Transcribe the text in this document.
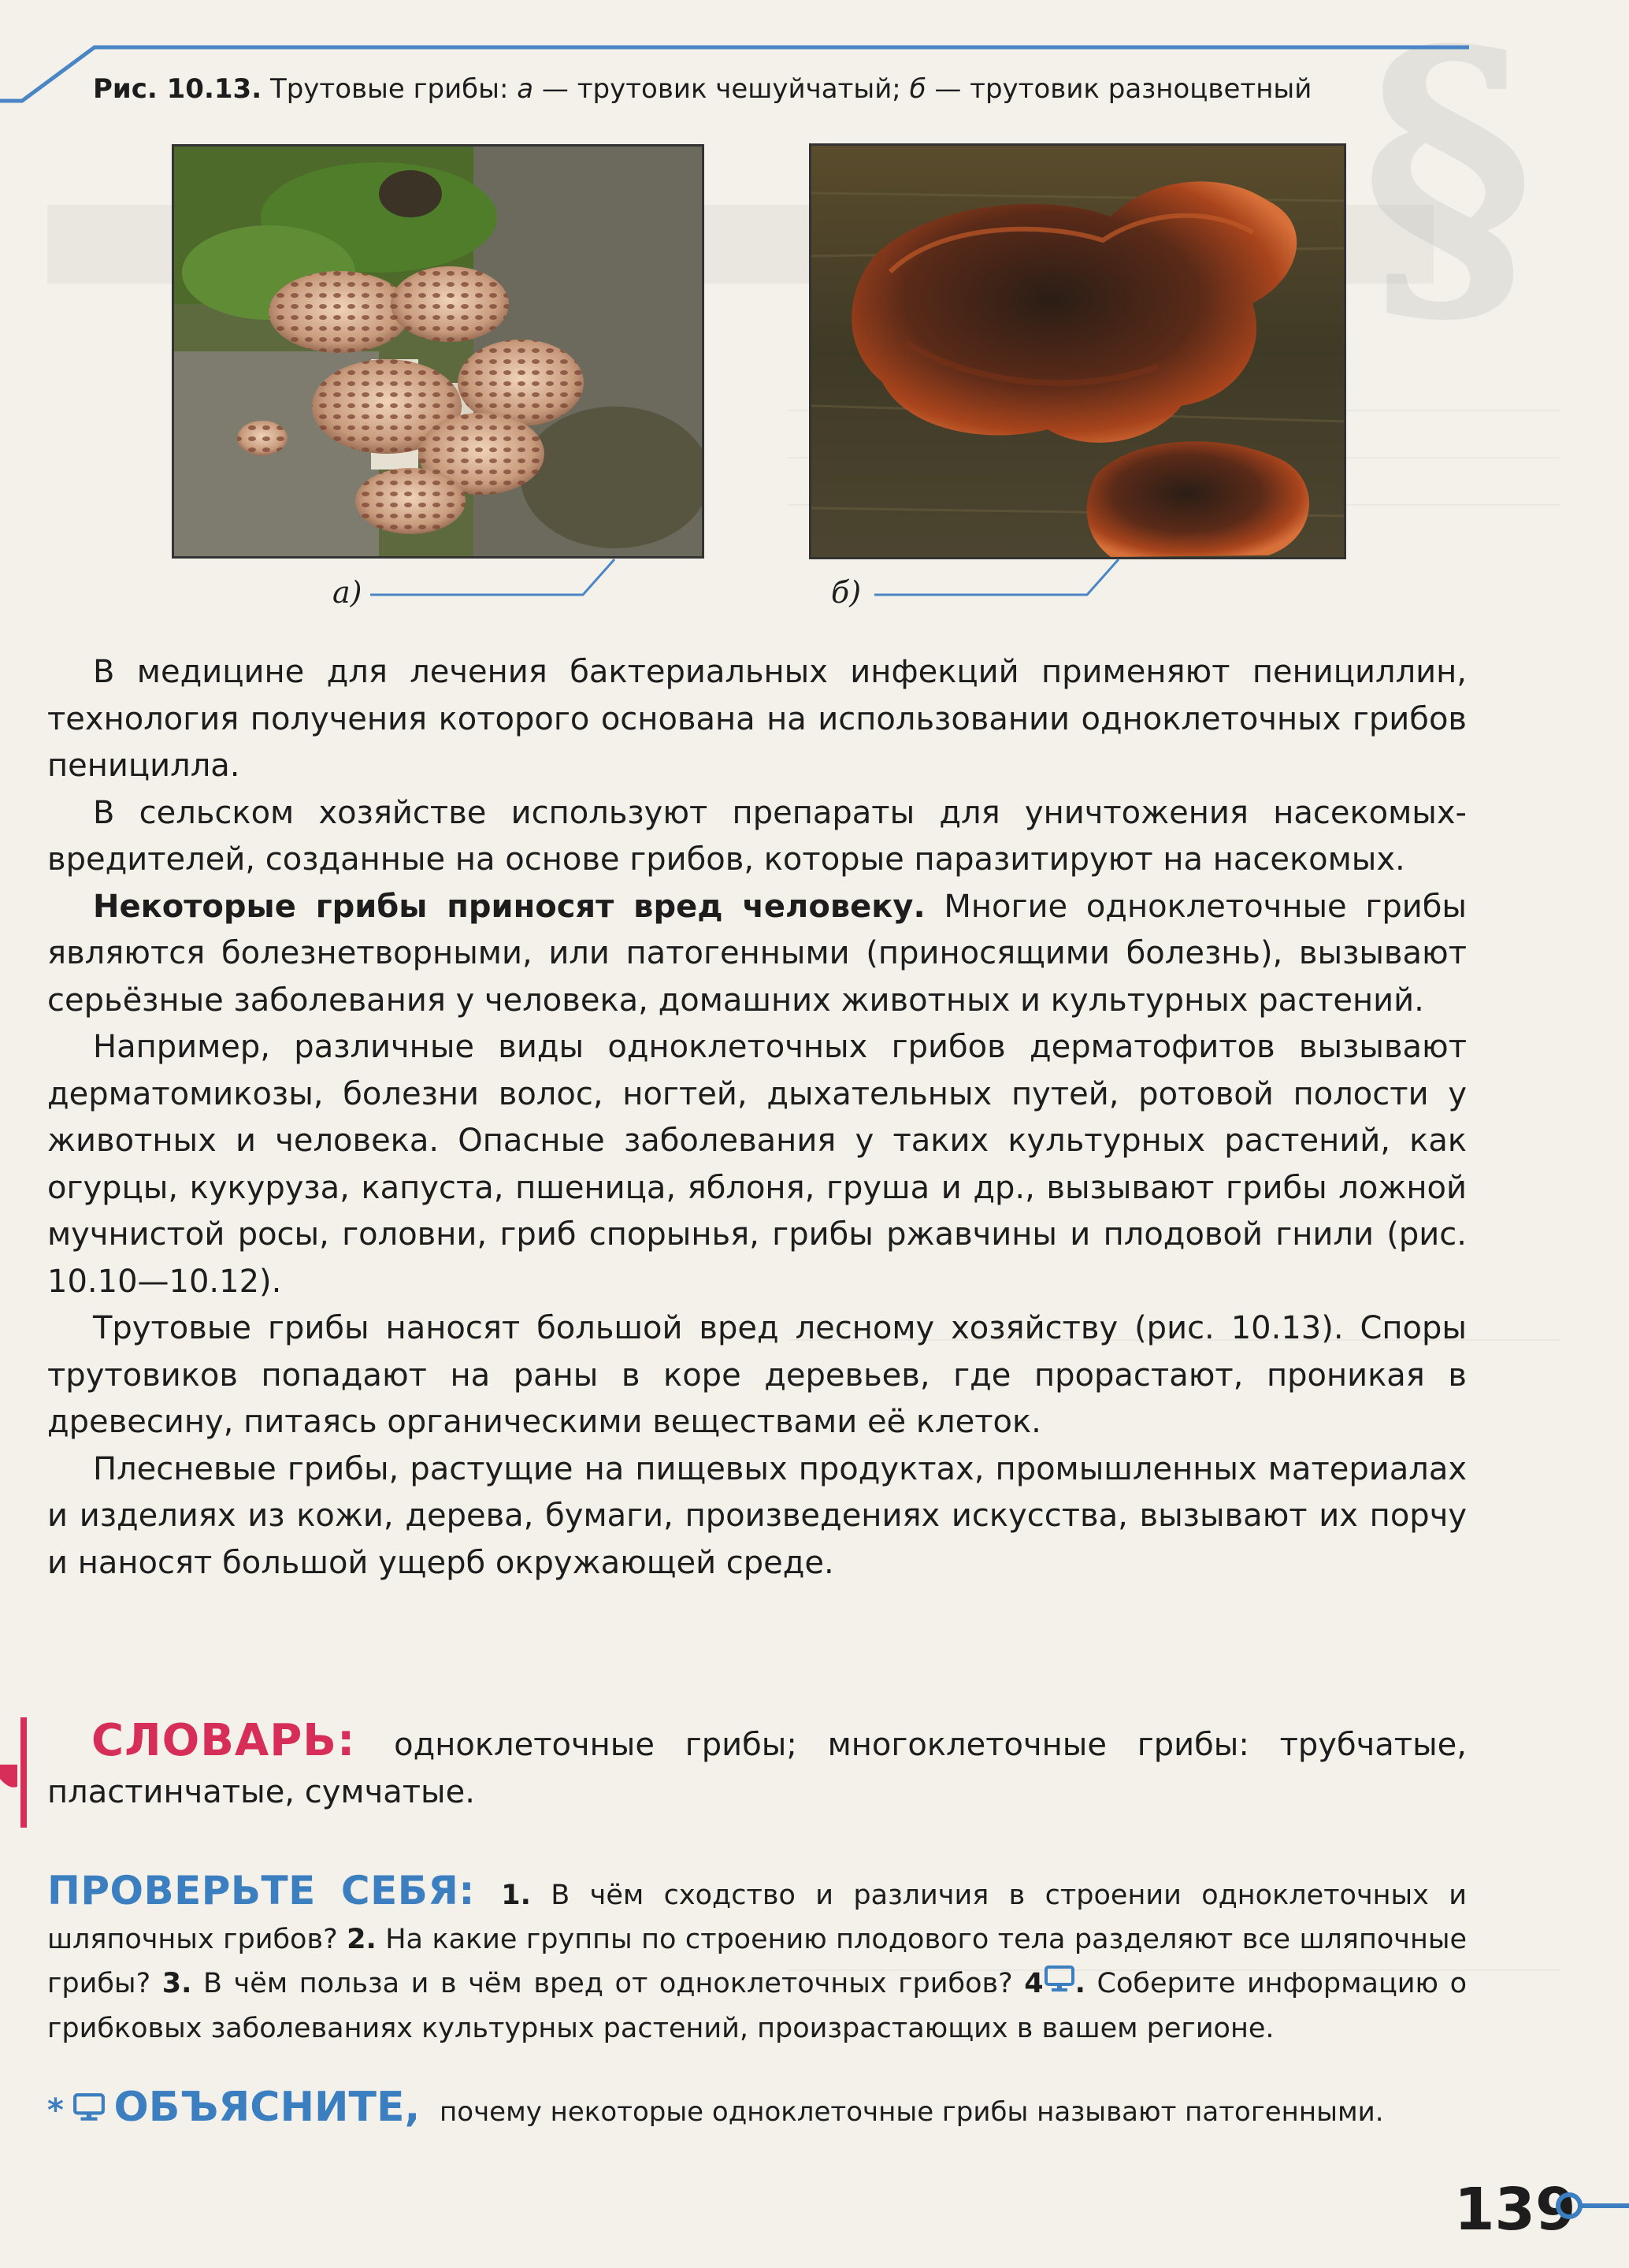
§
Рис. 10.13. Трутовые грибы: а — трутовик чешуйчатый; б — трутовик разноцветный
а)	б)

В медицине для лечения бактериальных инфекций применяют пенициллин, технология получения которого основана на использовании одноклеточных грибов пеницилла.

В сельском хозяйстве используют препараты для уничтожения насекомых-вредителей, созданные на основе грибов, которые паразитируют на насекомых.

Некоторые грибы приносят вред человеку. Многие одноклеточные грибы являются болезнетворными, или патогенными (приносящими болезнь), вызывают серьёзные заболевания у человека, домашних животных и культурных растений.

Например, различные виды одноклеточных грибов дерматофитов вызывают дерматомикозы, болезни волос, ногтей, дыхательных путей, ротовой полости у животных и человека. Опасные заболевания у таких культурных растений, как огурцы, кукуруза, капуста, пшеница, яблоня, груша и др., вызывают грибы ложной мучнистой росы, головни, гриб спорынья, грибы ржавчины и плодовой гнили (рис. 10.10—10.12).

Трутовые грибы наносят большой вред лесному хозяйству (рис. 10.13). Споры трутовиков попадают на раны в коре деревьев, где прорастают, проникая в древесину, питаясь органическими веществами её клеток.

Плесневые грибы, растущие на пищевых продуктах, промышленных материалах и изделиях из кожи, дерева, бумаги, произведениях искусства, вызывают их порчу и наносят большой ущерб окружающей среде.

СЛОВАРЬ: одноклеточные грибы; многоклеточные грибы: трубчатые, пластинчатые, сумчатые.
ПРОВЕРЬТЕ СЕБЯ: 1. В чём сходство и различия в строении одноклеточных и шляпочных грибов? 2. На какие группы по строению плодового тела разделяют все шляпочные грибы? 3. В чём польза и в чём вред от одноклеточных грибов? 4 . Соберите информацию о грибковых заболеваниях культурных растений, произрастающих в вашем регионе.
* ОБЪЯСНИТЕ, почему некоторые одноклеточные грибы называют патогенными.
139
